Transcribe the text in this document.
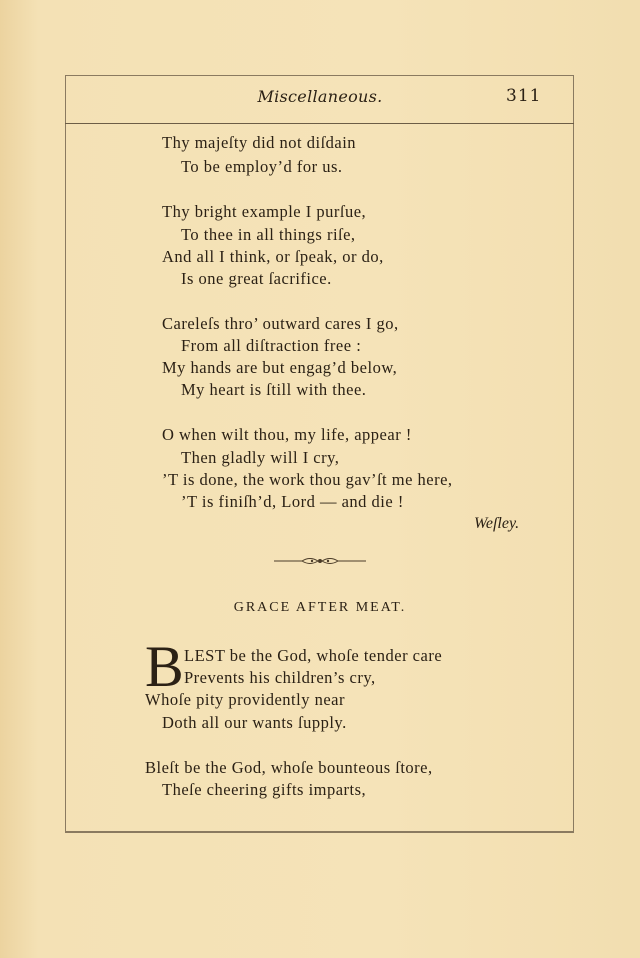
Miscellaneous.	311
Thy majeſty did not diſdain
To be employ’d for us.
Thy bright example I purſue,
To thee in all things riſe,
And all I think, or ſpeak, or do,
Is one great ſacrifice.
Careleſs thro’ outward cares I go,
From all diſtraction free :
My hands are but engag’d below,
My heart is ſtill with thee.
O when wilt thou, my life, appear !
Then gladly will I cry,
’T is done, the work thou gav’ſt me here,
’T is finiſh’d, Lord — and die !
Weſley.
GRACE AFTER MEAT.
B LEST be the God, whoſe tender care
Prevents his children’s cry,
Whoſe pity providently near
Doth all our wants ſupply.
Bleſt be the God, whoſe bounteous ſtore,
Theſe cheering gifts imparts,
